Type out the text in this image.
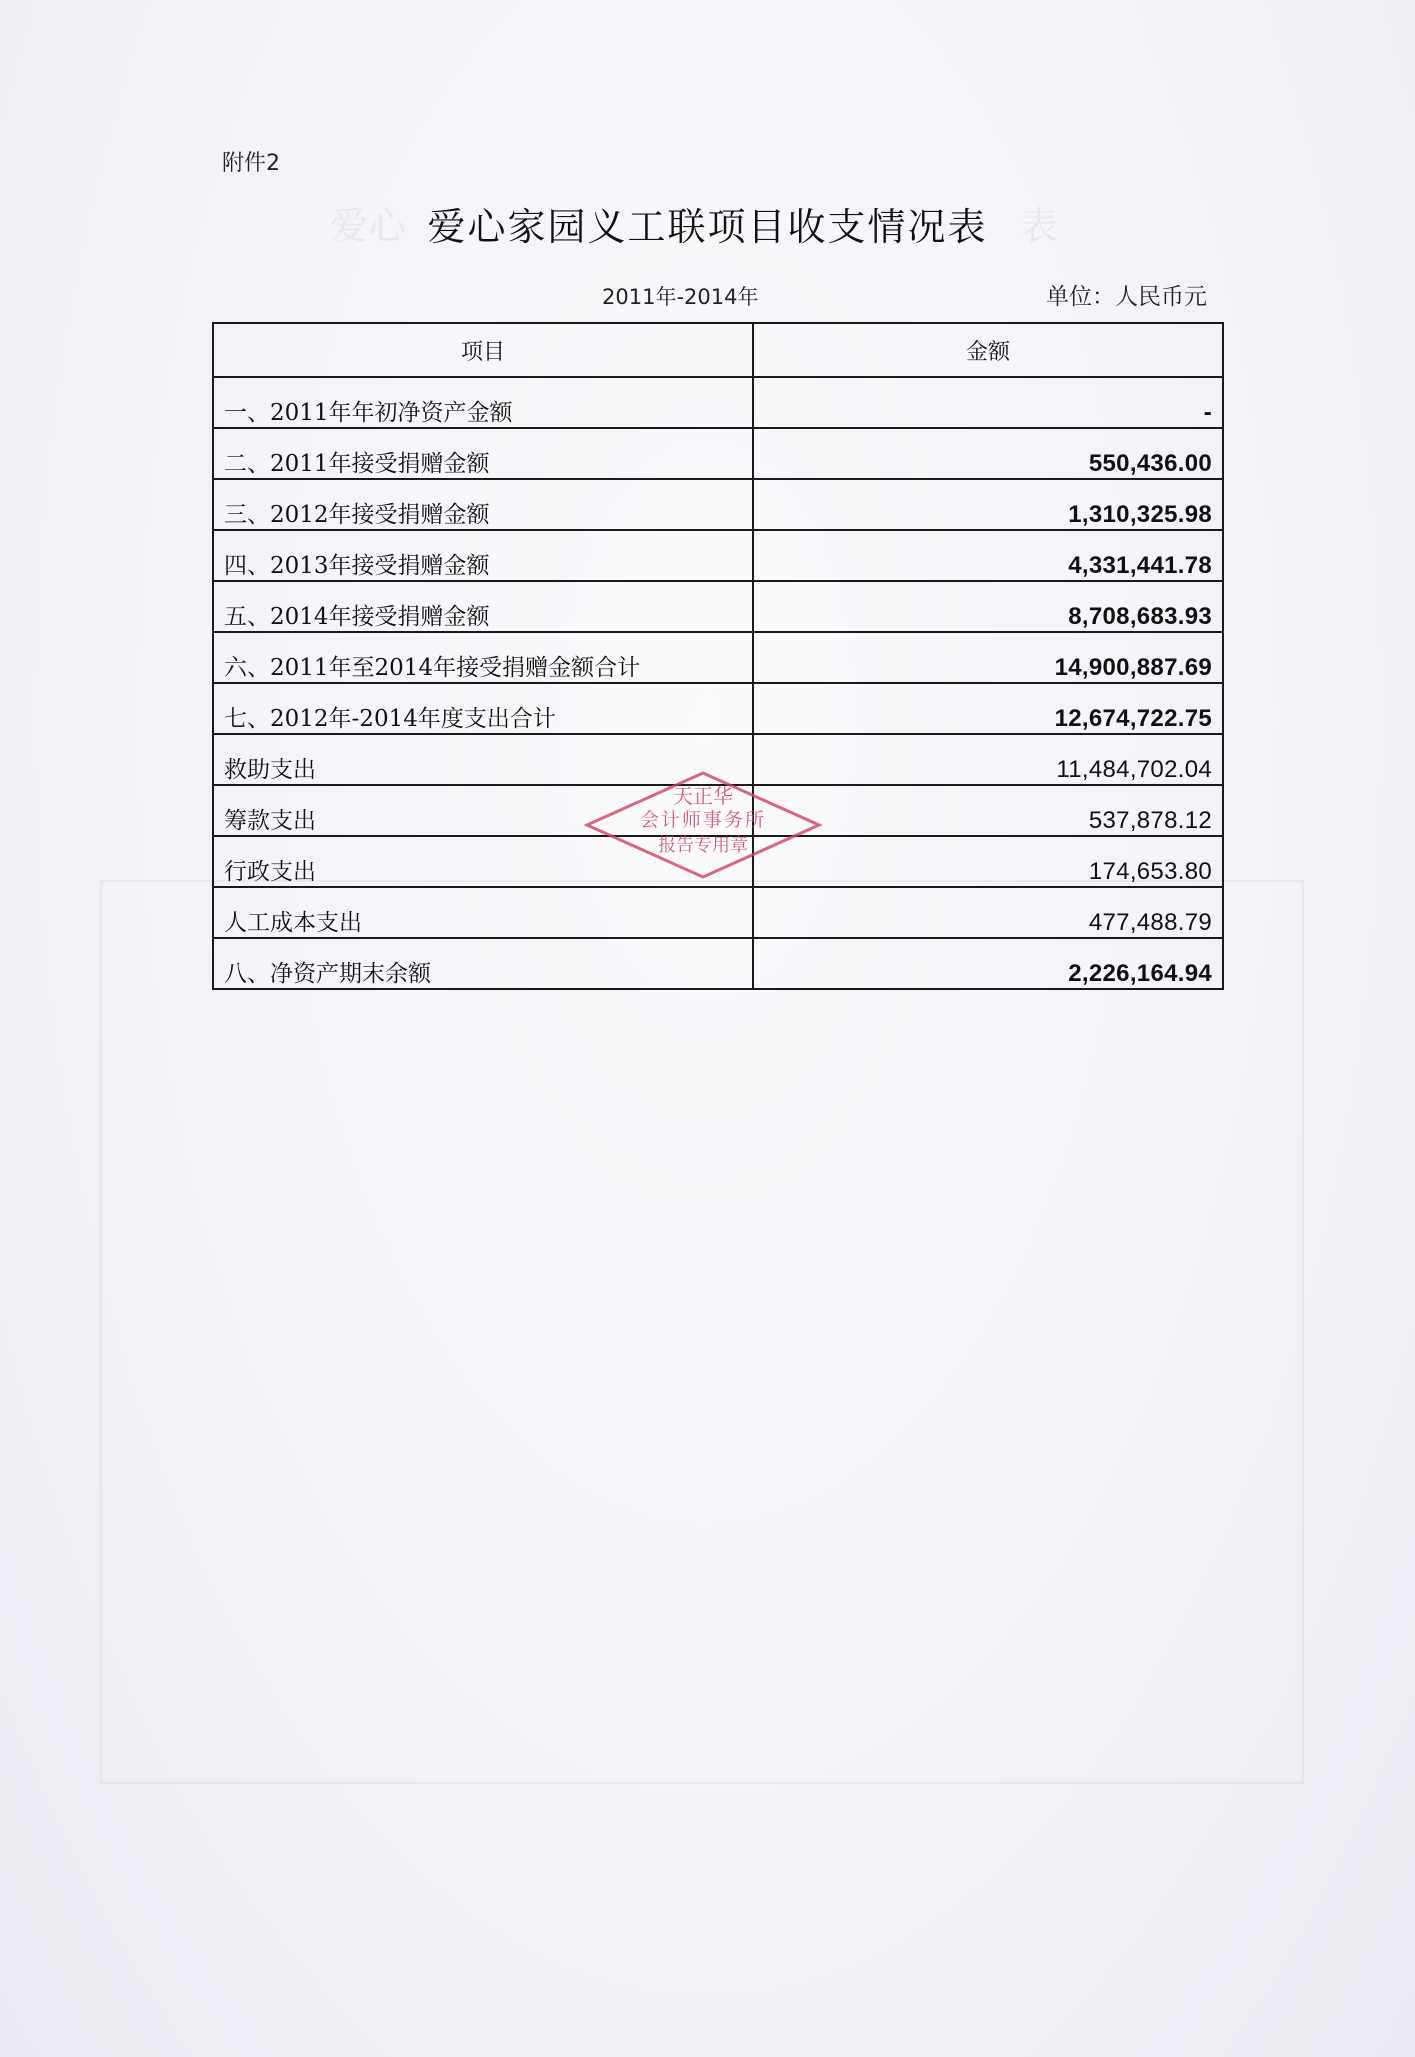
爱心	表
附件2
爱心家园义工联项目收支情况表
2011年-2014年	单位：人民币元
项目	金额
一、2011年年初净资产金额	-
二、2011年接受捐赠金额	550,436.00
三、2012年接受捐赠金额	1,310,325.98
四、2013年接受捐赠金额	4,331,441.78
五、2014年接受捐赠金额	8,708,683.93
六、2011年至2014年接受捐赠金额合计	14,900,887.69
七、2012年-2014年度支出合计	12,674,722.75
救助支出	11,484,702.04
筹款支出	537,878.12
行政支出	174,653.80
人工成本支出	477,488.79
八、净资产期末余额	2,226,164.94
天正华
会计师事务所
报告专用章
